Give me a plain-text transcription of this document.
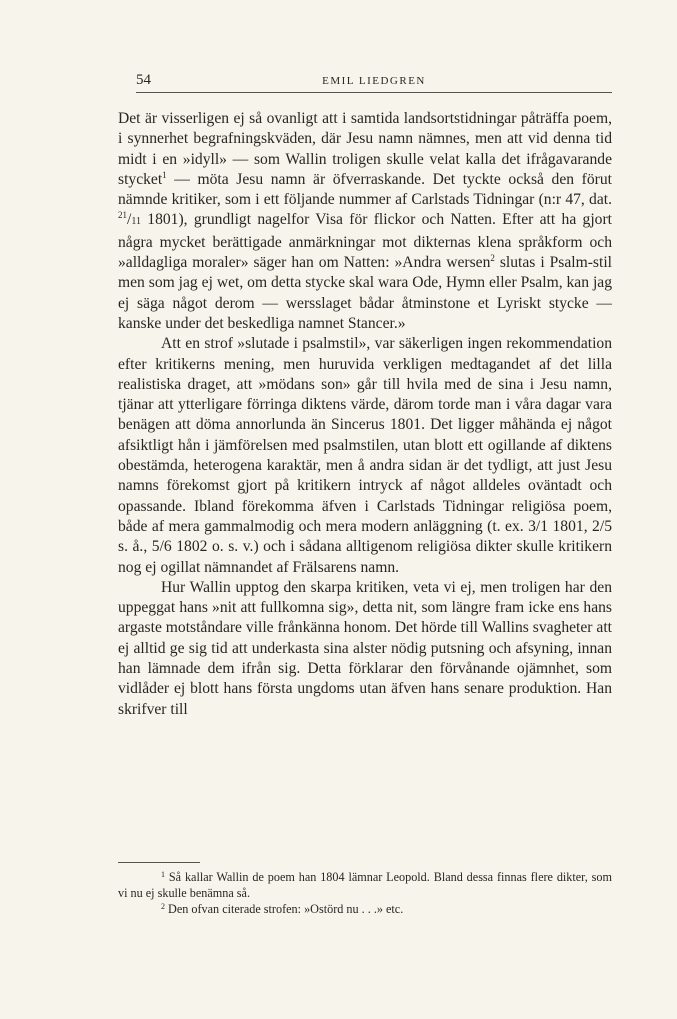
54	EMIL LIEDGREN

Det är visserligen ej så ovanligt att i samtida landsortstidningar påträffa poem, i synnerhet begrafningskväden, där Jesu namn nämnes, men att vid denna tid midt i en »idyll» — som Wallin troligen skulle velat kalla det ifrågavarande stycket$^1$ — möta Jesu namn är öfverraskande. Det tyckte också den förut nämnde kritiker, som i ett följande nummer af Carlstads Tidningar (n:r 47, dat. $^{21}$/11 1801), grundligt nagelfor Visa för flickor och Natten. Efter att ha gjort några mycket berättigade anmärkningar mot dikternas klena språkform och »alldagliga moraler» säger han om Natten: »Andra wersen$^2$ slutas i Psalm-stil men som jag ej wet, om detta stycke skal wara Ode, Hymn eller Psalm, kan jag ej säga något derom — wersslaget bådar åtminstone et Lyriskt stycke — kanske under det beskedliga namnet Stancer.»

Att en strof »slutade i psalmstil», var säkerligen ingen rekommendation efter kritikerns mening, men huruvida verkligen medtagandet af det lilla realistiska draget, att »mödans son» går till hvila med de sina i Jesu namn, tjänar att ytterligare förringa diktens värde, därom torde man i våra dagar vara benägen att döma annorlunda än Sincerus 1801. Det ligger måhända ej något afsiktligt hån i jämförelsen med psalmstilen, utan blott ett ogillande af diktens obestämda, heterogena karaktär, men å andra sidan är det tydligt, att just Jesu namns förekomst gjort på kritikern intryck af något alldeles oväntadt och opassande. Ibland förekomma äfven i Carlstads Tidningar religiösa poem, både af mera gammalmodig och mera modern anläggning (t. ex. 3/1 1801, 2/5 s. å., 5/6 1802 o. s. v.) och i sådana alltigenom religiösa dikter skulle kritikern nog ej ogillat nämnandet af Frälsarens namn.

Hur Wallin upptog den skarpa kritiken, veta vi ej, men troligen har den uppeggat hans »nit att fullkomna sig», detta nit, som längre fram icke ens hans argaste motståndare ville frånkänna honom. Det hörde till Wallins svagheter att ej alltid ge sig tid att underkasta sina alster nödig putsning och afsyning, innan han lämnade dem ifrån sig. Detta förklarar den förvånande ojämnhet, som vidlåder ej blott hans första ungdoms utan äfven hans senare produktion. Han skrifver till

$^1$ Så kallar Wallin de poem han 1804 lämnar Leopold. Bland dessa finnas flere dikter, som vi nu ej skulle benämna så.

$^2$ Den ofvan citerade strofen: »Ostörd nu . . .» etc.
